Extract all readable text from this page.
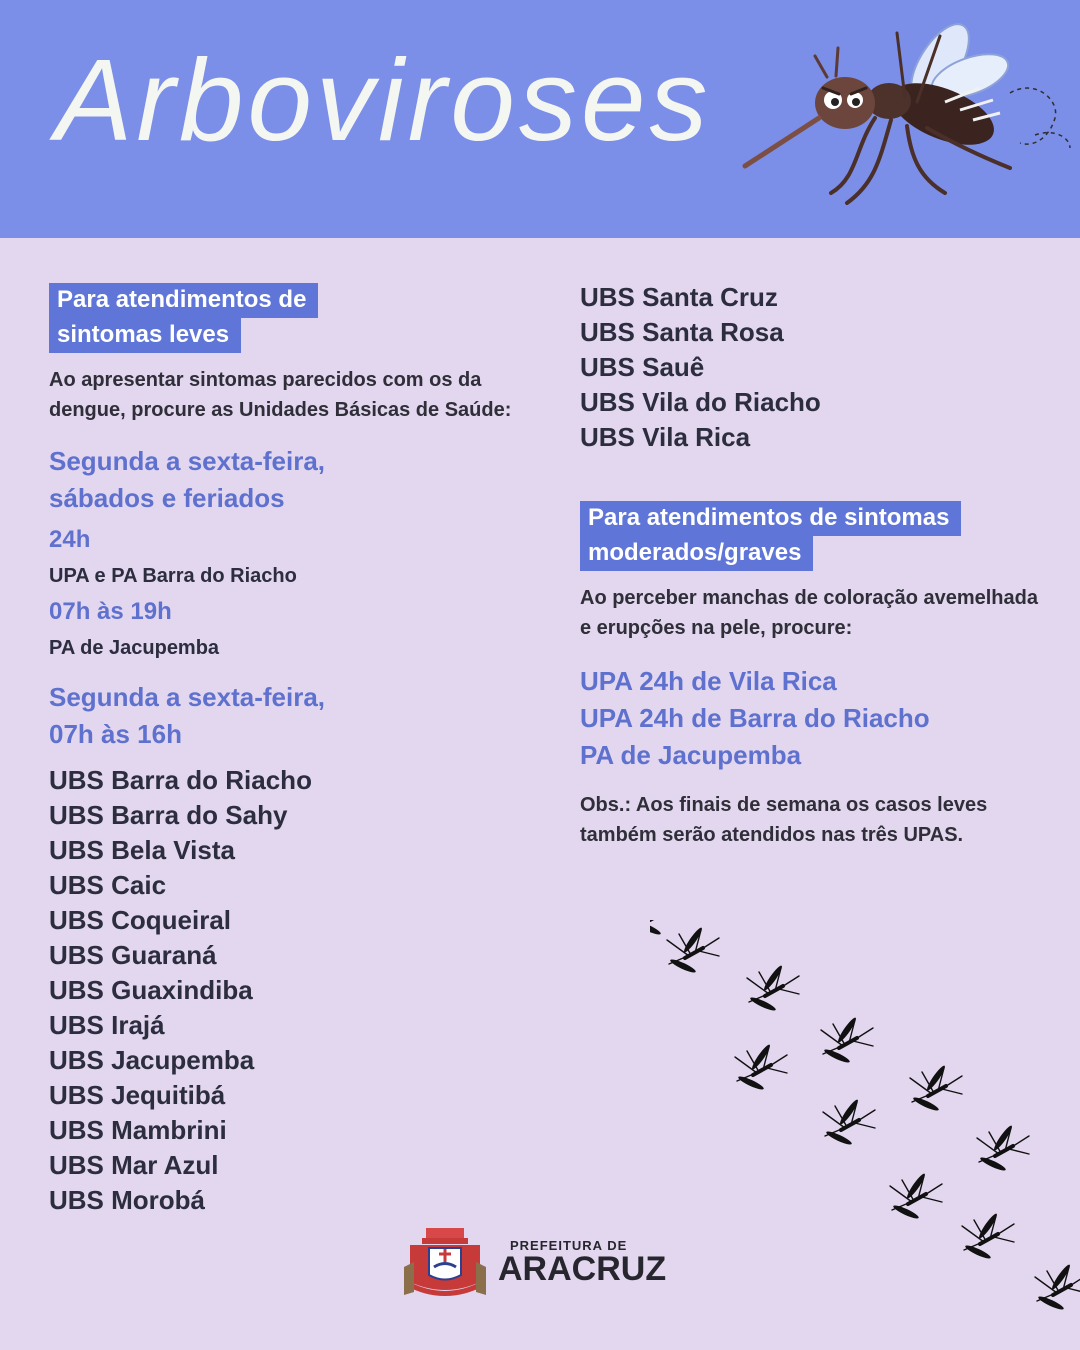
Arboviroses

Para atendimentos de

sintomas leves

Ao apresentar sintomas parecidos com os da dengue, procure as Unidades Básicas de Saúde:

Segunda a sexta-feira,
sábados e feriados

24h

UPA e PA Barra do Riacho

07h às 19h

PA de Jacupemba

Segunda a sexta-feira,
07h às 16h

UBS Barra do Riacho
UBS Barra do Sahy
UBS Bela Vista
UBS Caic
UBS Coqueiral
UBS Guaraná
UBS Guaxindiba
UBS Irajá
UBS Jacupemba
UBS Jequitibá
UBS Mambrini
UBS Mar Azul
UBS Morobá
UBS Santa Cruz
UBS Santa Rosa
UBS Sauê
UBS Vila do Riacho
UBS Vila Rica

Para atendimentos de sintomas

moderados/graves

Ao perceber manchas de coloração avemelhada e erupções na pele, procure:

UPA 24h de Vila Rica
UPA 24h de Barra do Riacho
PA de Jacupemba

Obs.: Aos finais de semana os casos leves também serão atendidos nas três UPAS.

PREFEITURA DE
ARACRUZ
